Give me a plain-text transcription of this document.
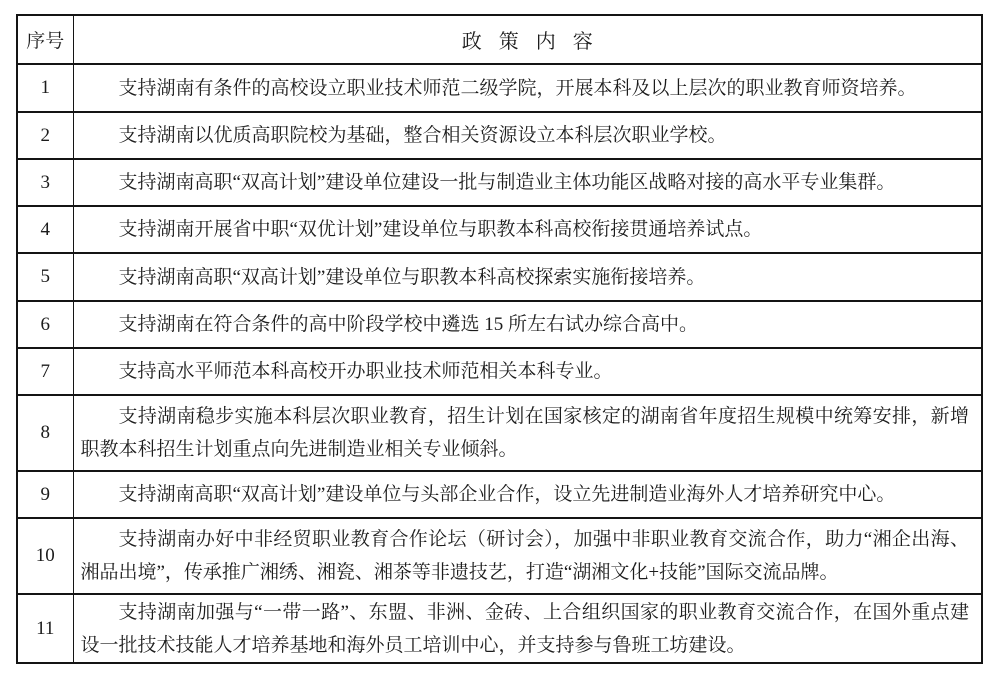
序号	政策内容
1	支持湖南有条件的高校设立职业技术师范二级学院，开展本科及以上层次的职业教育师资培养。

2	支持湖南以优质高职院校为基础，整合相关资源设立本科层次职业学校。

3	支持湖南高职“双高计划”建设单位建设一批与制造业主体功能区战略对接的高水平专业集群。

4	支持湖南开展省中职“双优计划”建设单位与职教本科高校衔接贯通培养试点。

5	支持湖南高职“双高计划”建设单位与职教本科高校探索实施衔接培养。

6	支持湖南在符合条件的高中阶段学校中遴选 15 所左右试办综合高中。

7	支持高水平师范本科高校开办职业技术师范相关本科专业。

8	支持湖南稳步实施本科层次职业教育，招生计划在国家核定的湖南省年度招生规模中统筹安排，新增职教本科招生计划重点向先进制造业相关专业倾斜。

9	支持湖南高职“双高计划”建设单位与头部企业合作，设立先进制造业海外人才培养研究中心。

10	支持湖南办好中非经贸职业教育合作论坛（研讨会），加强中非职业教育交流合作，助力“湘企出海、湘品出境”，传承推广湘绣、湘瓷、湘茶等非遗技艺，打造“湖湘文化+技能”国际交流品牌。

11	支持湖南加强与“一带一路”、东盟、非洲、金砖、上合组织国家的职业教育交流合作，在国外重点建设一批技术技能人才培养基地和海外员工培训中心，并支持参与鲁班工坊建设。
